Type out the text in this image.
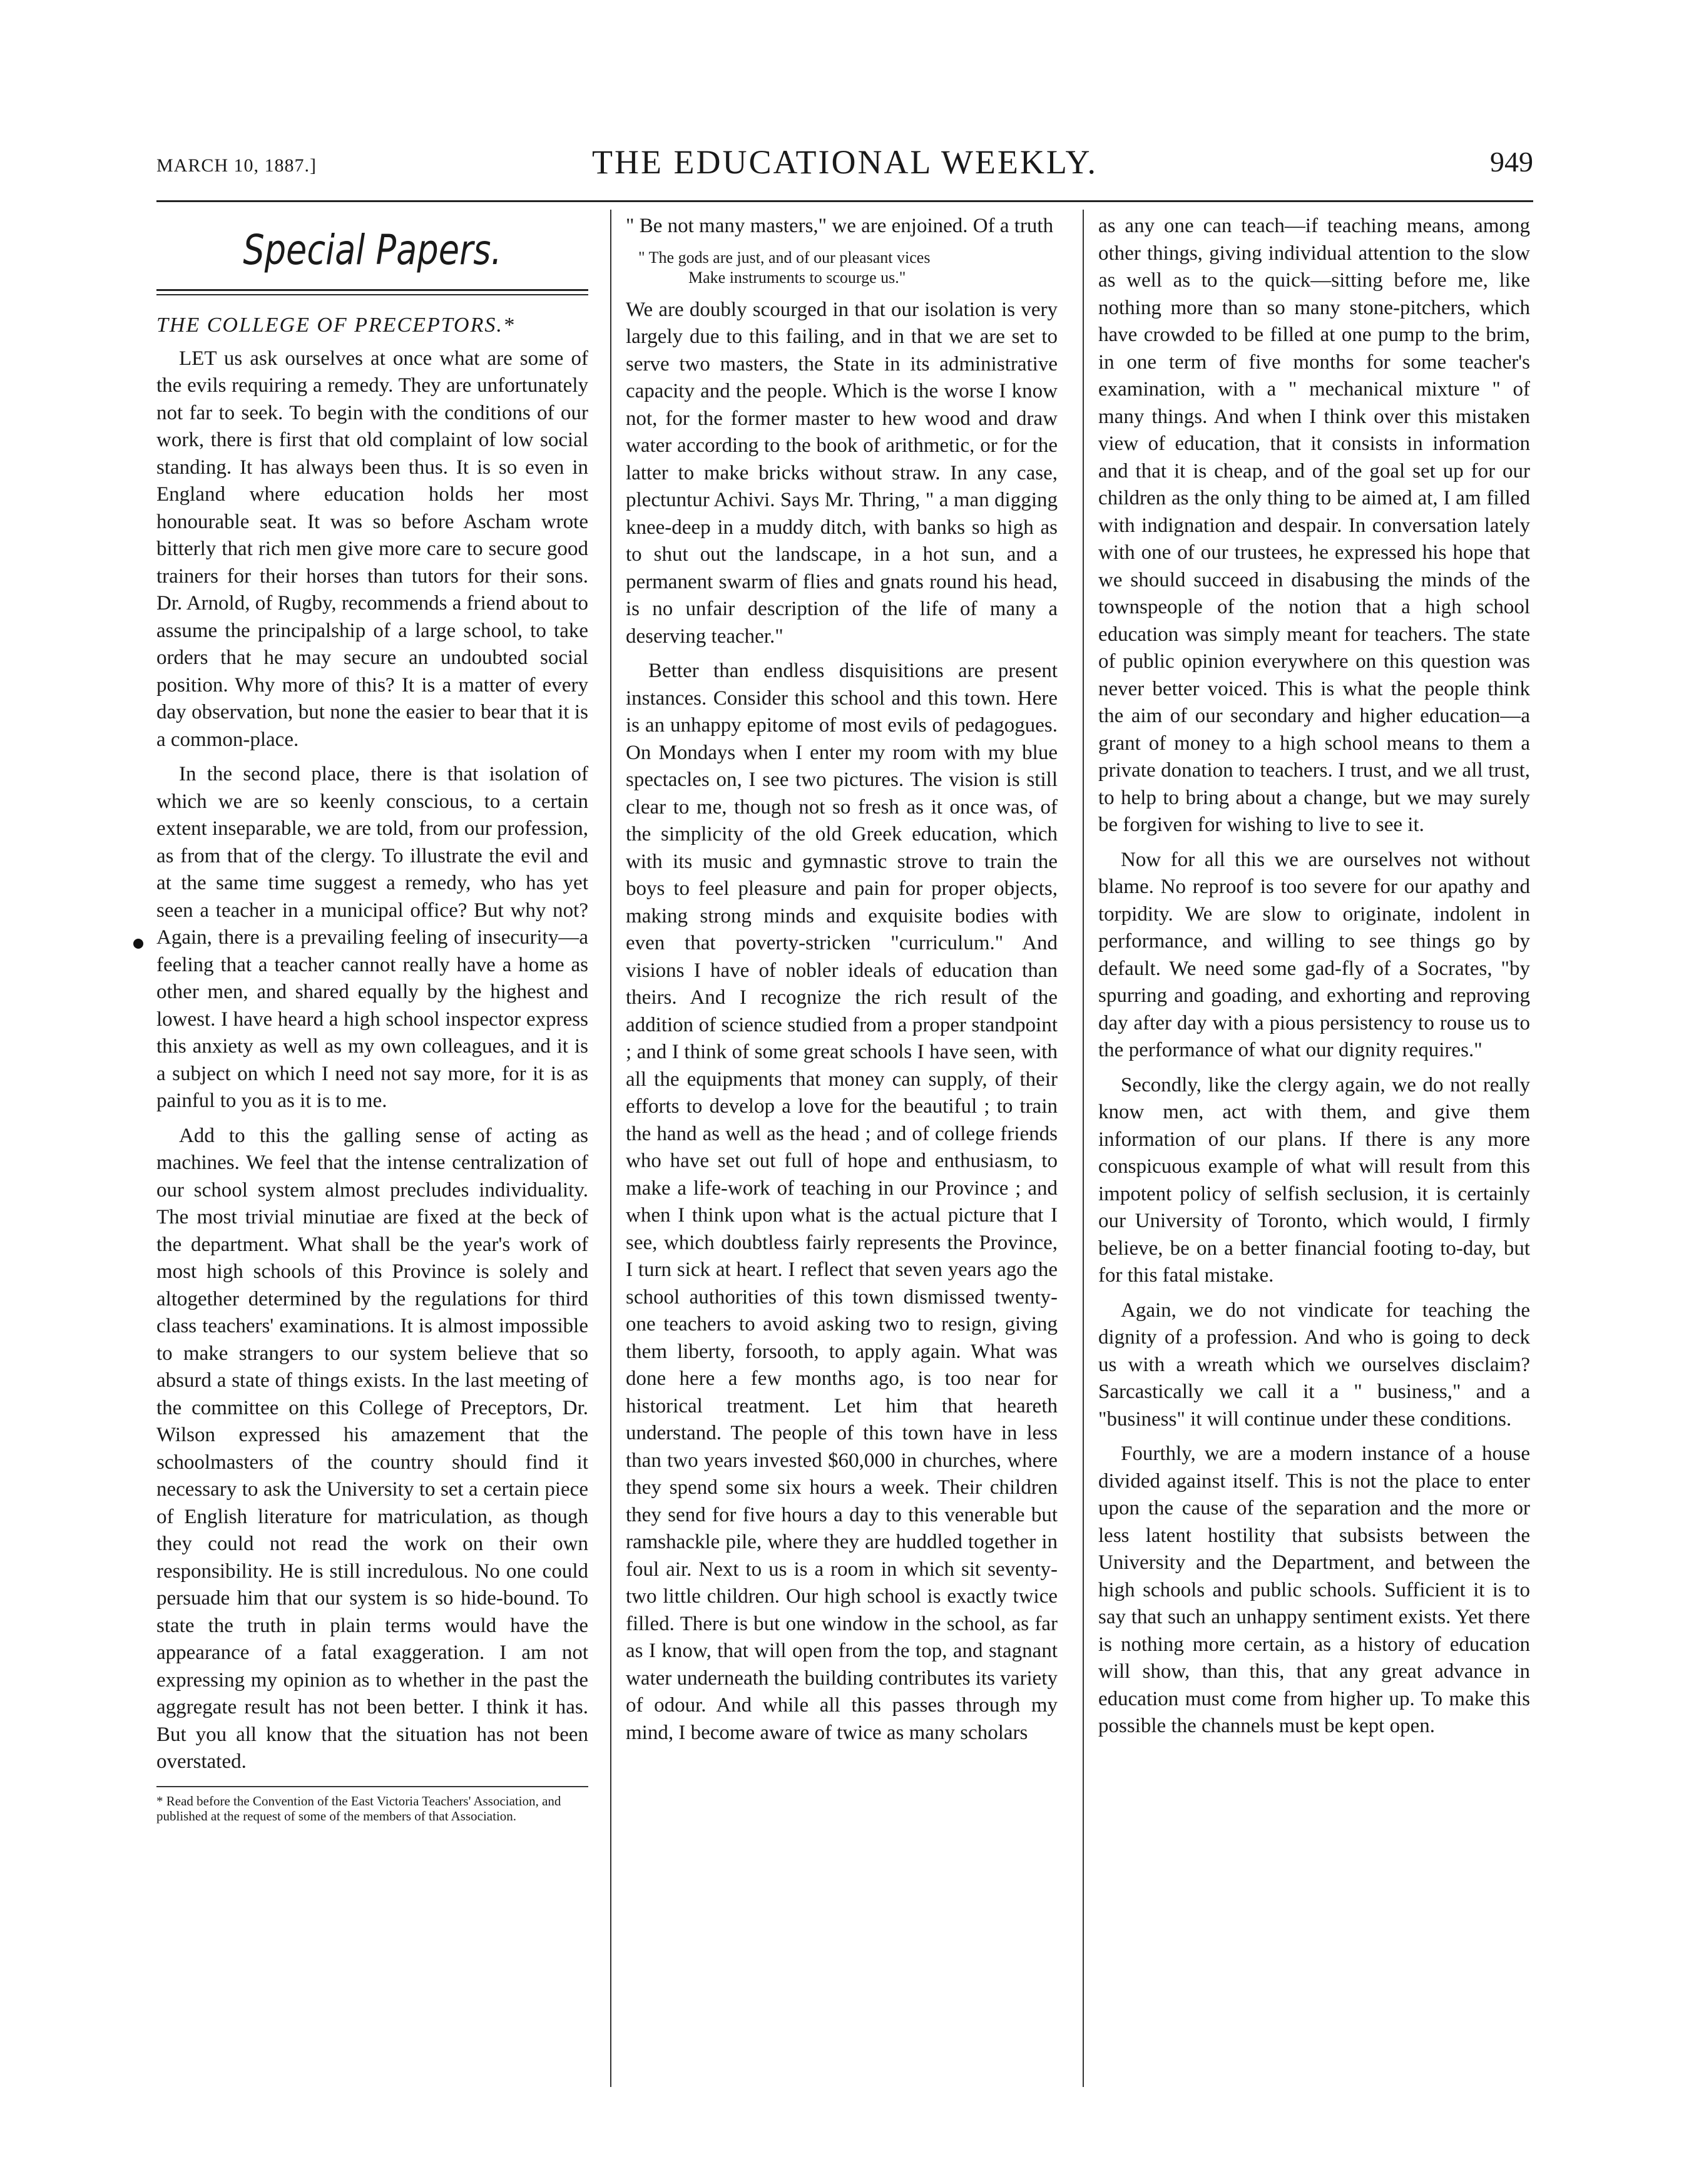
MARCH 10, 1887.]	THE EDUCATIONAL WEEKLY.	949
Special Papers.
THE COLLEGE OF PRECEPTORS.*

LET us ask ourselves at once what are some of the evils requiring a remedy. They are unfortunately not far to seek. To begin with the conditions of our work, there is first that old complaint of low social standing. It has always been thus. It is so even in England where education holds her most honourable seat. It was so before Ascham wrote bitterly that rich men give more care to secure good trainers for their horses than tutors for their sons. Dr. Arnold, of Rugby, recommends a friend about to assume the principalship of a large school, to take orders that he may secure an undoubted social position. Why more of this? It is a matter of every day observation, but none the easier to bear that it is a common-place.

In the second place, there is that isolation of which we are so keenly conscious, to a certain extent inseparable, we are told, from our profession, as from that of the clergy. To illustrate the evil and at the same time suggest a remedy, who has yet seen a teacher in a municipal office? But why not? Again, there is a prevailing feeling of insecurity—a feeling that a teacher cannot really have a home as other men, and shared equally by the highest and lowest. I have heard a high school inspector express this anxiety as well as my own colleagues, and it is a subject on which I need not say more, for it is as painful to you as it is to me.

Add to this the galling sense of acting as machines. We feel that the intense centralization of our school system almost precludes individuality. The most trivial minutiae are fixed at the beck of the department. What shall be the year's work of most high schools of this Province is solely and altogether determined by the regulations for third class teachers' examinations. It is almost impossible to make strangers to our system believe that so absurd a state of things exists. In the last meeting of the committee on this College of Preceptors, Dr. Wilson expressed his amazement that the schoolmasters of the country should find it necessary to ask the University to set a certain piece of English literature for matriculation, as though they could not read the work on their own responsibility. He is still incredulous. No one could persuade him that our system is so hide-bound. To state the truth in plain terms would have the appearance of a fatal exaggeration. I am not expressing my opinion as to whether in the past the aggregate result has not been better. I think it has. But you all know that the situation has not been overstated.

* Read before the Convention of the East Victoria Teachers' Association, and published at the request of some of the members of that Association.

" Be not many masters," we are enjoined. Of a truth

" The gods are just, and of our pleasant vices
Make instruments to scourge us."

We are doubly scourged in that our isolation is very largely due to this failing, and in that we are set to serve two masters, the State in its administrative capacity and the people. Which is the worse I know not, for the former master to hew wood and draw water according to the book of arithmetic, or for the latter to make bricks without straw. In any case, plectuntur Achivi. Says Mr. Thring, " a man digging knee-deep in a muddy ditch, with banks so high as to shut out the landscape, in a hot sun, and a permanent swarm of flies and gnats round his head, is no unfair description of the life of many a deserving teacher."

Better than endless disquisitions are present instances. Consider this school and this town. Here is an unhappy epitome of most evils of pedagogues. On Mondays when I enter my room with my blue spectacles on, I see two pictures. The vision is still clear to me, though not so fresh as it once was, of the simplicity of the old Greek education, which with its music and gymnastic strove to train the boys to feel pleasure and pain for proper objects, making strong minds and exquisite bodies with even that poverty-stricken "curriculum." And visions I have of nobler ideals of education than theirs. And I recognize the rich result of the addition of science studied from a proper standpoint ; and I think of some great schools I have seen, with all the equipments that money can supply, of their efforts to develop a love for the beautiful ; to train the hand as well as the head ; and of college friends who have set out full of hope and enthusiasm, to make a life-work of teaching in our Province ; and when I think upon what is the actual picture that I see, which doubtless fairly represents the Province, I turn sick at heart. I reflect that seven years ago the school authorities of this town dismissed twenty-one teachers to avoid asking two to resign, giving them liberty, forsooth, to apply again. What was done here a few months ago, is too near for historical treatment. Let him that heareth understand. The people of this town have in less than two years invested $60,000 in churches, where they spend some six hours a week. Their children they send for five hours a day to this venerable but ramshackle pile, where they are huddled together in foul air. Next to us is a room in which sit seventy-two little children. Our high school is exactly twice filled. There is but one window in the school, as far as I know, that will open from the top, and stagnant water underneath the building contributes its variety of odour. And while all this passes through my mind, I become aware of twice as many scholars

as any one can teach—if teaching means, among other things, giving individual attention to the slow as well as to the quick—sitting before me, like nothing more than so many stone-pitchers, which have crowded to be filled at one pump to the brim, in one term of five months for some teacher's examination, with a " mechanical mixture " of many things. And when I think over this mistaken view of education, that it consists in information and that it is cheap, and of the goal set up for our children as the only thing to be aimed at, I am filled with indignation and despair. In conversation lately with one of our trustees, he expressed his hope that we should succeed in disabusing the minds of the townspeople of the notion that a high school education was simply meant for teachers. The state of public opinion everywhere on this question was never better voiced. This is what the people think the aim of our secondary and higher education—a grant of money to a high school means to them a private donation to teachers. I trust, and we all trust, to help to bring about a change, but we may surely be forgiven for wishing to live to see it.

Now for all this we are ourselves not without blame. No reproof is too severe for our apathy and torpidity. We are slow to originate, indolent in performance, and willing to see things go by default. We need some gad-fly of a Socrates, "by spurring and goading, and exhorting and reproving day after day with a pious persistency to rouse us to the performance of what our dignity requires."

Secondly, like the clergy again, we do not really know men, act with them, and give them information of our plans. If there is any more conspicuous example of what will result from this impotent policy of selfish seclusion, it is certainly our University of Toronto, which would, I firmly believe, be on a better financial footing to-day, but for this fatal mistake.

Again, we do not vindicate for teaching the dignity of a profession. And who is going to deck us with a wreath which we ourselves disclaim? Sarcastically we call it a " business," and a "business" it will continue under these conditions.

Fourthly, we are a modern instance of a house divided against itself. This is not the place to enter upon the cause of the separation and the more or less latent hostility that subsists between the University and the Department, and between the high schools and public schools. Sufficient it is to say that such an unhappy sentiment exists. Yet there is nothing more certain, as a history of education will show, than this, that any great advance in education must come from higher up. To make this possible the channels must be kept open.
